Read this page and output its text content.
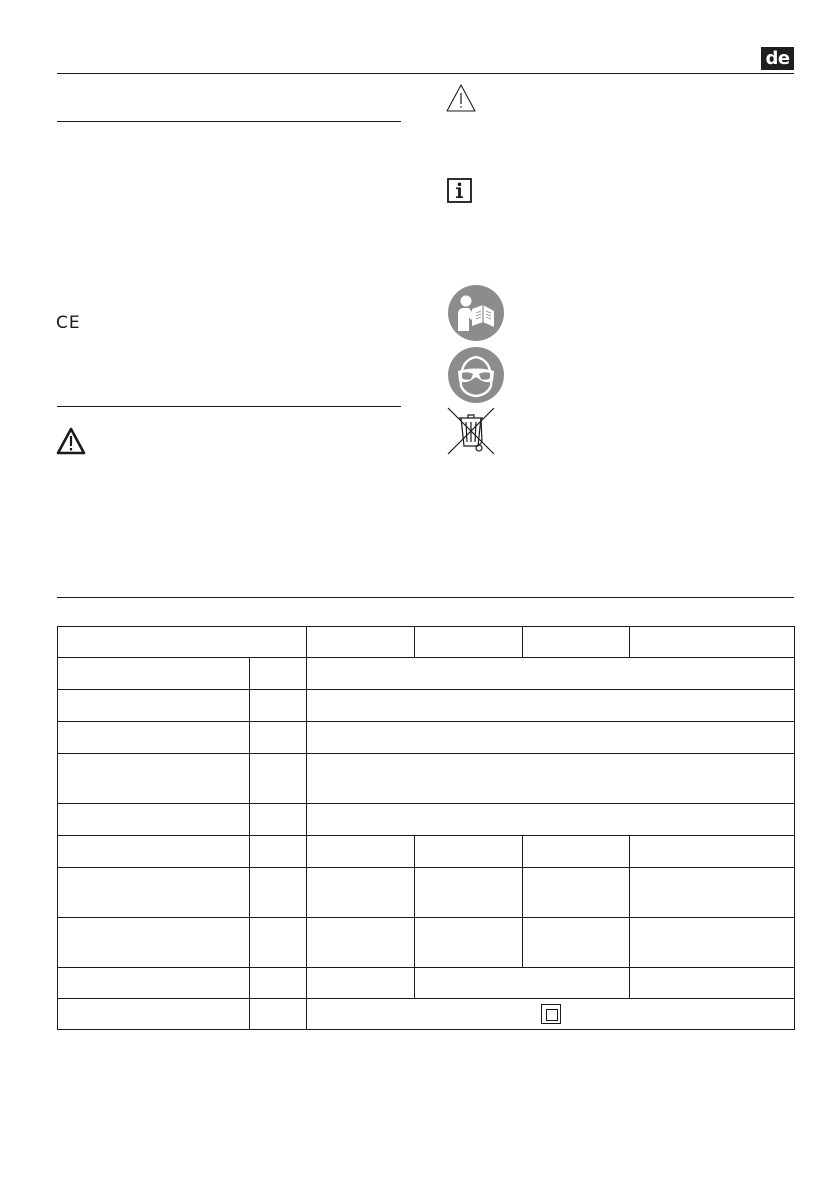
de
CE
